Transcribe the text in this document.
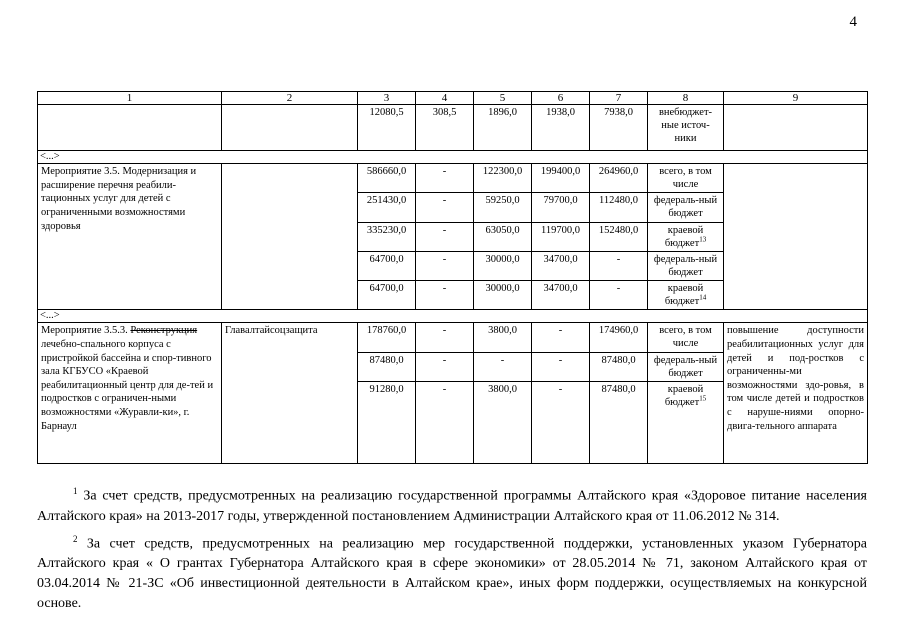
4
1	2	3	4	5	6	7	8	9
		12080,5	308,5	1896,0	1938,0	7938,0	внебюджет-ные источ-ники	
<...>								
Мероприятие 3.5. Модернизация и расширение перечня реабили-тационных услуг для детей с ограниченными возможностями здоровья		586660,0	-	122300,0	199400,0	264960,0	всего, в том числе	
		251430,0	-	59250,0	79700,0	112480,0	федераль-ный бюджет	
		335230,0	-	63050,0	119700,0	152480,0	краевой бюджет$^{13}$
		64700,0	-	30000,0	34700,0	-	федераль-ный бюджет	
		64700,0	-	30000,0	34700,0	-	краевой бюджет$^{14}$
<...>								
Мероприятие 3.5.3. Реконструкция лечебно-спального корпуса с пристройкой бассейна и спор-тивного зала КГБУСО «Краевой реабилитационный центр для де-тей и подростков с ограничен-ными возможностями «Журавли-ки», г. Барнаул	Главалтайсоцзащита	178760,0	-	3800,0	-	174960,0	всего, в том числе	повышение доступности реабилитационных услуг для детей и под-ростков с ограниченны-ми возможностями здо-ровья, в том числе детей и подростков с наруше-ниями опорно-двига-тельного аппарата
		87480,0	-	-	-	87480,0	федераль-ный бюджет	
		91280,0	-	3800,0	-	87480,0	краевой бюджет$^{15}$

$^1$ За счет средств, предусмотренных на реализацию государственной программы Алтайского края «Здоровое питание населения Алтайского края» на 2013-2017 годы, утвержденной постановлением Администрации Алтайского края от 11.06.2012 № 314.

$^2$ За счет средств, предусмотренных на реализацию мер государственной поддержки, установленных указом Губернатора Алтайского края « О грантах Губернатора Алтайского края в сфере экономики» от 28.05.2014 № 71, законом Алтайского края от 03.04.2014 № 21-ЗС «Об инвестиционной деятельности в Алтайском крае», иных форм поддержки, осуществляемых на конкурсной основе.
